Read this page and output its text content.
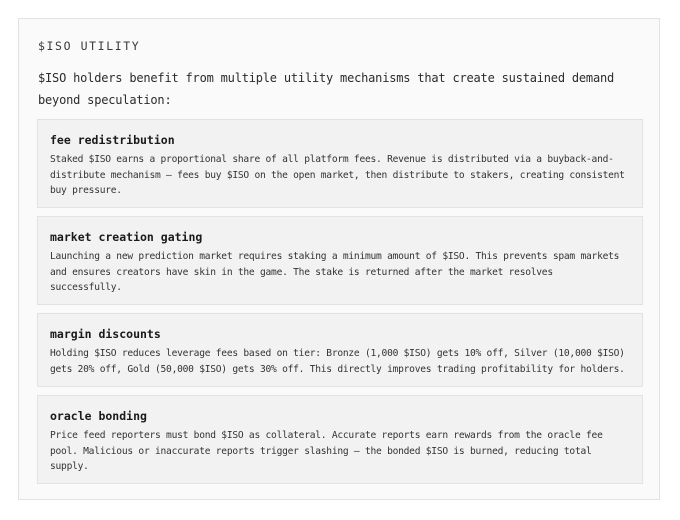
$ISO UTILITY
$ISO holders benefit from multiple utility mechanisms that create sustained demand beyond speculation:
fee redistribution
Staked $ISO earns a proportional share of all platform fees. Revenue is distributed via a buyback-and-distribute mechanism — fees buy $ISO on the open market, then distribute to stakers, creating consistent buy pressure.
market creation gating
Launching a new prediction market requires staking a minimum amount of $ISO. This prevents spam markets and ensures creators have skin in the game. The stake is returned after the market resolves successfully.
margin discounts
Holding $ISO reduces leverage fees based on tier: Bronze (1,000 $ISO) gets 10% off, Silver (10,000 $ISO) gets 20% off, Gold (50,000 $ISO) gets 30% off. This directly improves trading profitability for holders.
oracle bonding
Price feed reporters must bond $ISO as collateral. Accurate reports earn rewards from the oracle fee pool. Malicious or inaccurate reports trigger slashing — the bonded $ISO is burned, reducing total supply.
